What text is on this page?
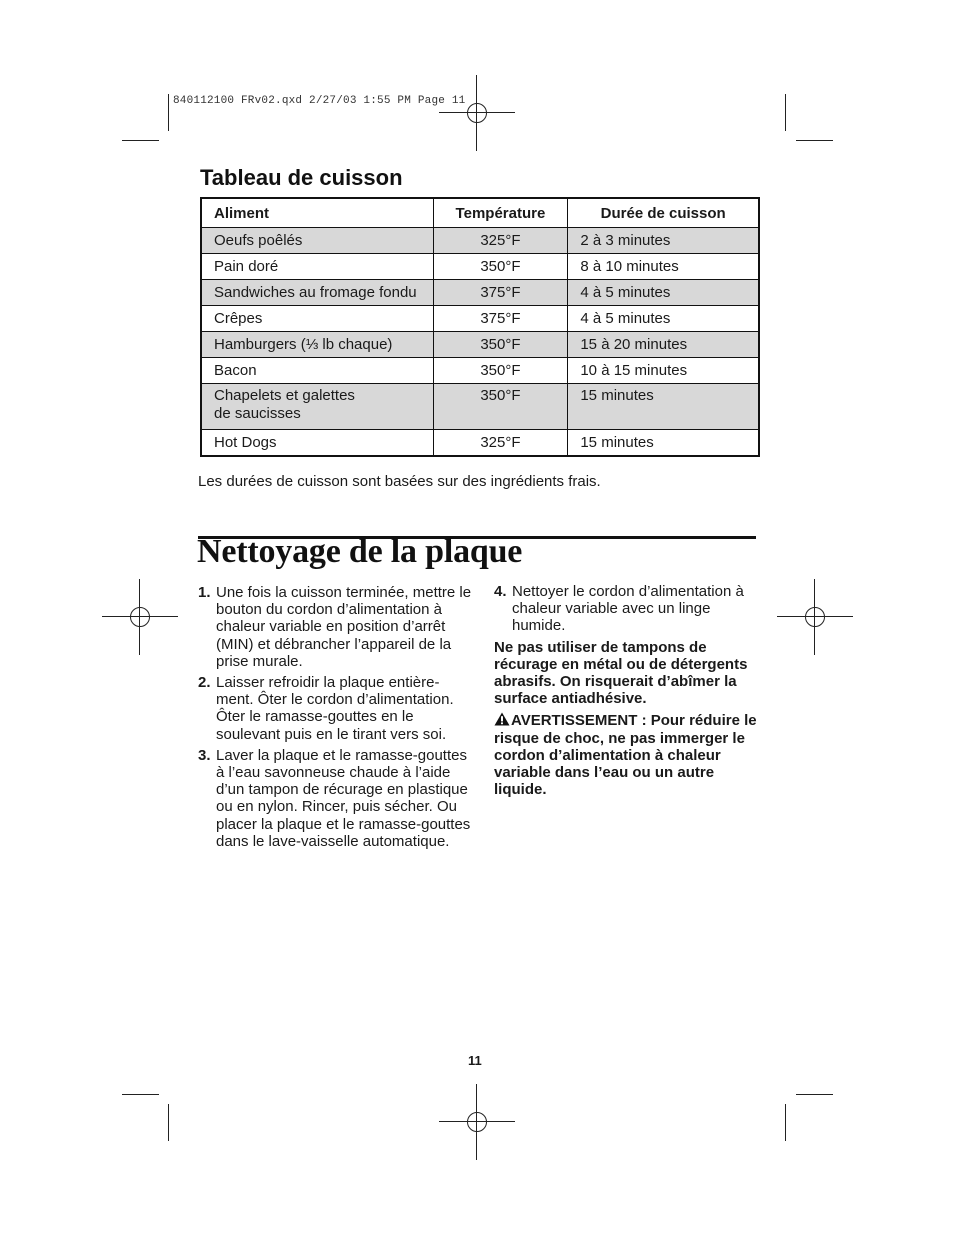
840112100 FRv02.qxd 2/27/03 1:55 PM Page 11
Tableau de cuisson
Aliment	Température	Durée de cuisson
Oeufs poêlés	325°F	2 à 3 minutes
Pain doré	350°F	8 à 10 minutes
Sandwiches au fromage fondu	375°F	4 à 5 minutes
Crêpes	375°F	4 à 5 minutes
Hamburgers (⅓ lb chaque)	350°F	15 à 20 minutes
Bacon	350°F	10 à 15 minutes
Chapelets et galettes
de saucisses	350°F	15 minutes
Hot Dogs	325°F	15 minutes
Les durées de cuisson sont basées sur des ingrédients frais.
Nettoyage de la plaque
1. Une fois la cuisson terminée, mettre le bouton du cordon d’alimentation à chaleur variable en position d’arrêt (MIN) et débrancher l’appareil de la prise murale.
2. Laisser refroidir la plaque entière-ment. Ôter le cordon d’alimentation. Ôter le ramasse-gouttes en le soulevant puis en le tirant vers soi.
3. Laver la plaque et le ramasse-gouttes à l’eau savonneuse chaude à l’aide d’un tampon de récurage en plastique ou en nylon. Rincer, puis sécher. Ou placer la plaque et le ramasse-gouttes dans le lave-vaisselle automatique.
4. Nettoyer le cordon d’alimentation à chaleur variable avec un linge humide.
Ne pas utiliser de tampons de récurage en métal ou de détergents abrasifs. On risquerait d’abîmer la surface antiadhésive.
AVERTISSEMENT : Pour réduire le risque de choc, ne pas immerger le cordon d’alimentation à chaleur variable dans l’eau ou un autre liquide.
11
